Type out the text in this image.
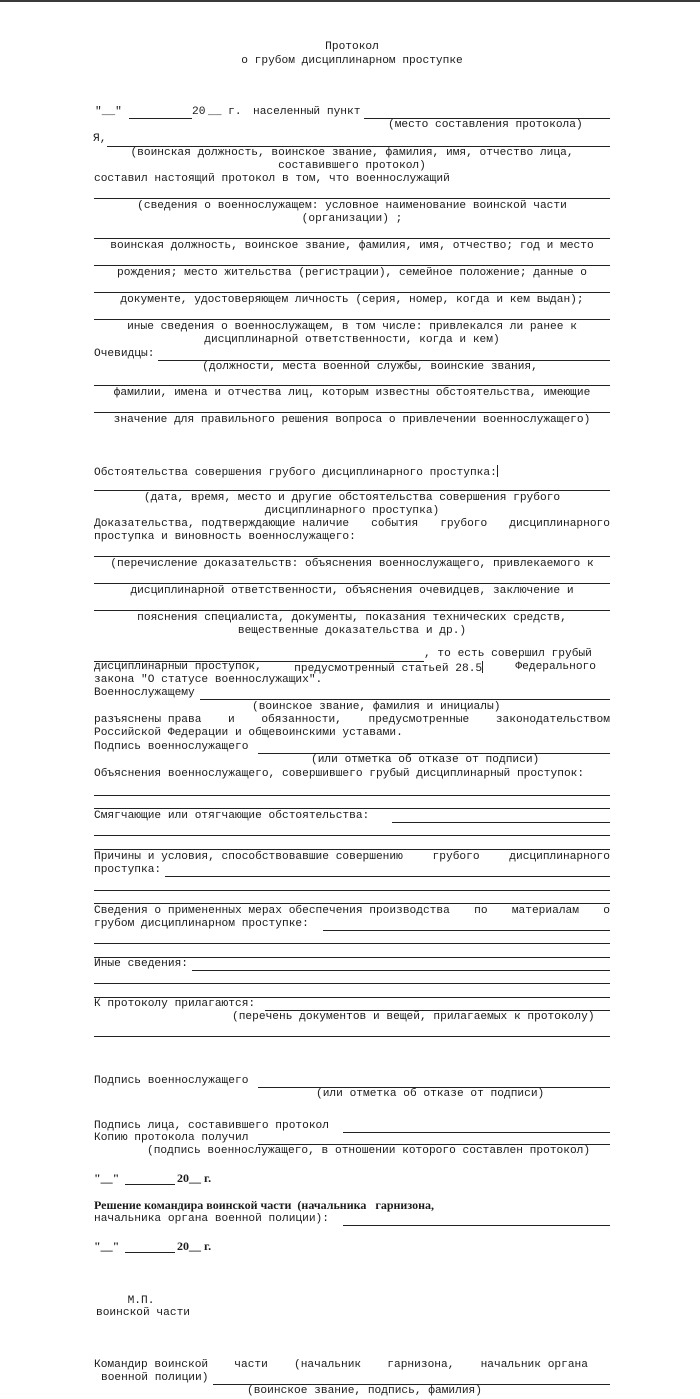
Протокол
о грубом дисциплинарном проступке
"__"	20 __ г. населенный пункт
(место составления протокола)
Я,
(воинская должность, воинское звание, фамилия, имя, отчество лица,
составившего протокол)
составил настоящий протокол в том, что военнослужащий
(сведения о военнослужащем: условное наименование воинской части
(организации) ;
воинская должность, воинское звание, фамилия, имя, отчество; год и место
рождения; место жительства (регистрации), семейное положение; данные о
документе, удостоверяющем личность (серия, номер, когда и кем выдан);
иные сведения о военнослужащем, в том числе: привлекался ли ранее к
дисциплинарной ответственности, когда и кем)
Очевидцы:
(должности, места военной службы, воинские звания,
фамилии, имена и отчества лиц, которым известны обстоятельства, имеющие
значение для правильного решения вопроса о привлечении военнослужащего)
Обстоятельства совершения грубого дисциплинарного проступка:
(дата, время, место и другие обстоятельства совершения грубого
дисциплинарного проступка)
Доказательства, подтверждающие наличие события грубого дисциплинарного
проступка и виновность военнослужащего:
(перечисление доказательств: объяснения военнослужащего, привлекаемого к
дисциплинарной ответственности, объяснения очевидцев, заключение и
пояснения специалиста, документы, показания технических средств,
вещественные доказательства и др.)
, то есть совершил грубый
дисциплинарный проступок,	предусмотренный статьей 28.5	Федерального
закона "О статусе военнослужащих".
Военнослужащему
(воинское звание, фамилия и инициалы)
разъяснены права и обязанности, предусмотренные законодательством
Российской Федерации и общевоинскими уставами.
Подпись военнослужащего
(или отметка об отказе от подписи)
Объяснения военнослужащего, совершившего грубый дисциплинарный проступок:
Смягчающие или отягчающие обстоятельства:
Причины и условия, способствовавшие совершению	грубого	дисциплинарного
проступка:
Сведения о примененных мерах обеспечения производства по материалам о
грубом дисциплинарном проступке:
Иные сведения:
К протоколу прилагаются:
(перечень документов и вещей, прилагаемых к протоколу)
Подпись военнослужащего
(или отметка об отказе от подписи)
Подпись лица, составившего протокол
Копию протокола получил
(подпись военнослужащего, в отношении которого составлен протокол)
"__"	20__ г.
Решение командира воинской части  (начальника   гарнизона,
начальника органа военной полиции):
"__"	20__ г.
М.П.
воинской части
Командир воинской части (начальник гарнизона, начальник органа
военной полиции)
(воинское звание, подпись, фамилия)
